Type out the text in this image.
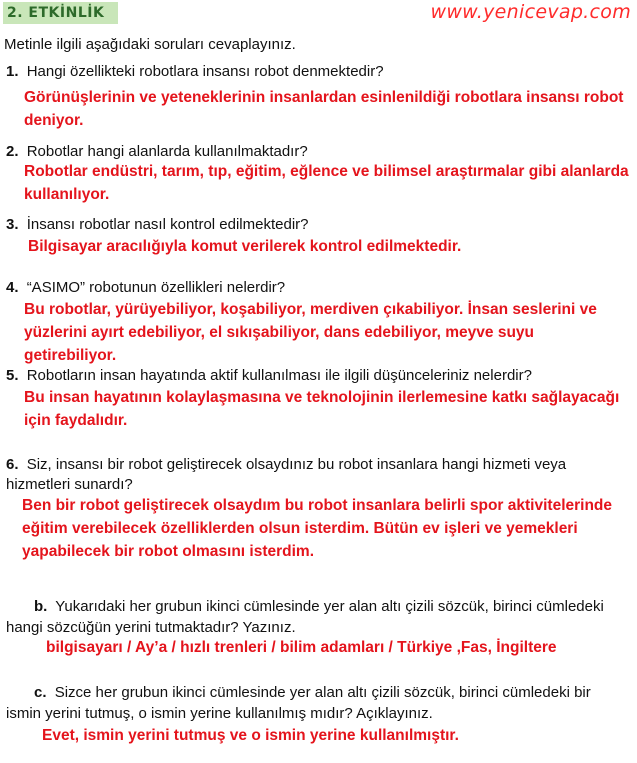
2. ETKİNLİK	www.yenicevap.com
Metinle ilgili aşağıdaki soruları cevaplayınız.
1. Hangi özellikteki robotlara insansı robot denmektedir?
Görünüşlerinin ve yeteneklerinin insanlardan esinlenildiği robotlara insansı robot deniyor.
2. Robotlar hangi alanlarda kullanılmaktadır?
Robotlar endüstri, tarım, tıp, eğitim, eğlence ve bilimsel araştırmalar gibi alanlarda kullanılıyor.
3. İnsansı robotlar nasıl kontrol edilmektedir?
Bilgisayar aracılığıyla komut verilerek kontrol edilmektedir.
4. “ASIMO” robotunun özellikleri nelerdir?
Bu robotlar, yürüyebiliyor, koşabiliyor, merdiven çıkabiliyor. İnsan seslerini ve yüzlerini ayırt edebiliyor, el sıkışabiliyor, dans edebiliyor, meyve suyu getirebiliyor.
5. Robotların insan hayatında aktif kullanılması ile ilgili düşünceleriniz nelerdir?
Bu insan hayatının kolaylaşmasına ve teknolojinin ilerlemesine katkı sağlayacağı için faydalıdır.
6. Siz, insansı bir robot geliştirecek olsaydınız bu robot insanlara hangi hizmeti veya hizmetleri sunardı?
Ben bir robot geliştirecek olsaydım bu robot insanlara belirli spor aktivitelerinde eğitim verebilecek özelliklerden olsun isterdim. Bütün ev işleri ve yemekleri yapabilecek bir robot olmasını isterdim.
b. Yukarıdaki her grubun ikinci cümlesinde yer alan altı çizili sözcük, birinci cümledeki hangi sözcüğün yerini tutmaktadır? Yazınız.
bilgisayarı / Ay’a / hızlı trenleri / bilim adamları / Türkiye ,Fas, İngiltere
c. Sizce her grubun ikinci cümlesinde yer alan altı çizili sözcük, birinci cümledeki bir ismin yerini tutmuş, o ismin yerine kullanılmış mıdır? Açıklayınız.
Evet, ismin yerini tutmuş ve o ismin yerine kullanılmıştır.
